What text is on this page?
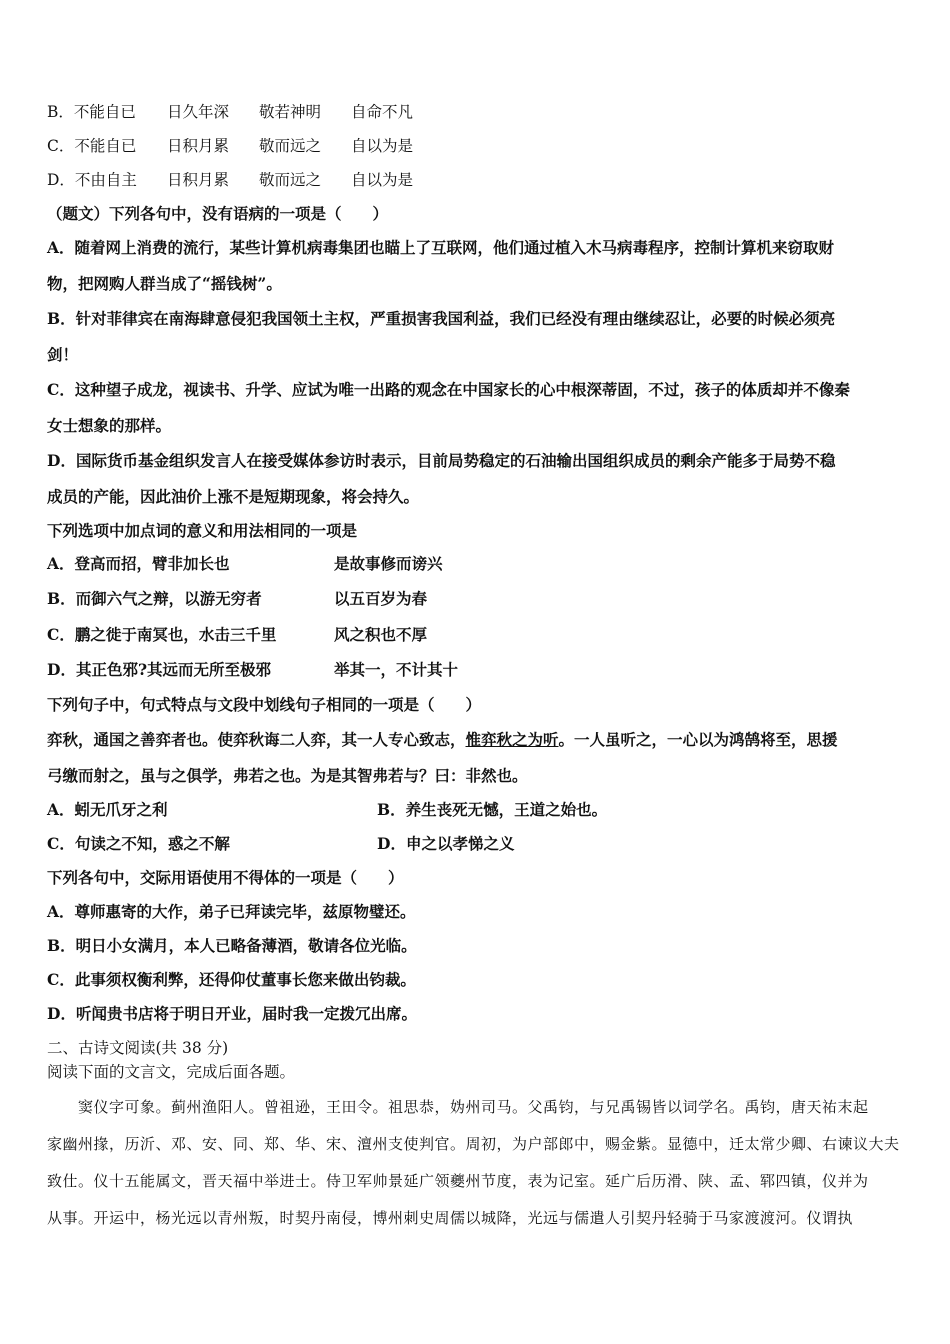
B．不能自已 日久年深 敬若神明 自命不凡
C．不能自已 日积月累 敬而远之 自以为是
D．不由自主 日积月累 敬而远之 自以为是
（题文）下列各句中，没有语病的一项是（　　）
A．随着网上消费的流行，某些计算机病毒集团也瞄上了互联网，他们通过植入木马病毒程序，控制计算机来窃取财
物，把网购人群当成了“摇钱树”。
B．针对菲律宾在南海肆意侵犯我国领土主权，严重损害我国利益，我们已经没有理由继续忍让，必要的时候必须亮
剑！
C．这种望子成龙，视读书、升学、应试为唯一出路的观念在中国家长的心中根深蒂固，不过，孩子的体质却并不像秦
女士想象的那样。
D．国际货币基金组织发言人在接受媒体参访时表示，目前局势稳定的石油输出国组织成员的剩余产能多于局势不稳
成员的产能，因此油价上涨不是短期现象，将会持久。
下列选项中加点词的意义和用法相同的一项是
A．登高而招，臂非加长也	是故事修而谤兴
B．而御六气之辩，以游无穷者	以五百岁为春
C．鹏之徙于南冥也，水击三千里	风之积也不厚
D．其正色邪?其远而无所至极邪	举其一，不计其十
下列句子中，句式特点与文段中划线句子相同的一项是（　　）
弈秋，通国之善弈者也。使弈秋诲二人弈，其一人专心致志，惟弈秋之为听。一人虽听之，一心以为鸿鹄将至，思援
弓缴而射之，虽与之俱学，弗若之也。为是其智弗若与？曰：非然也。
A．蚓无爪牙之利	B．养生丧死无憾，王道之始也。
C．句读之不知，惑之不解	D．申之以孝悌之义
下列各句中，交际用语使用不得体的一项是（　　）
A．尊师惠寄的大作，弟子已拜读完毕，兹原物璧还。
B．明日小女满月，本人已略备薄酒，敬请各位光临。
C．此事须权衡利弊，还得仰仗董事长您来做出钧裁。
D．听闻贵书店将于明日开业，届时我一定拨冗出席。
二、古诗文阅读(共 38 分)
阅读下面的文言文，完成后面各题。
　　窦仪字可象。蓟州渔阳人。曾祖逊，王田令。祖思恭，妫州司马。父禹钧，与兄禹锡皆以词学名。禹钧，唐天祐末起
家幽州掾，历沂、邓、安、同、郑、华、宋、澶州支使判官。周初，为户部郎中，赐金紫。显德中，迁太常少卿、右谏议大夫
致仕。仪十五能属文，晋天福中举进士。侍卫军帅景延广领夔州节度，表为记室。延广后历滑、陕、孟、郓四镇，仪并为
从事。开运中，杨光远以青州叛，时契丹南侵，博州刺史周儒以城降，光远与儒遣人引契丹轻骑于马家渡渡河。仪谓执
